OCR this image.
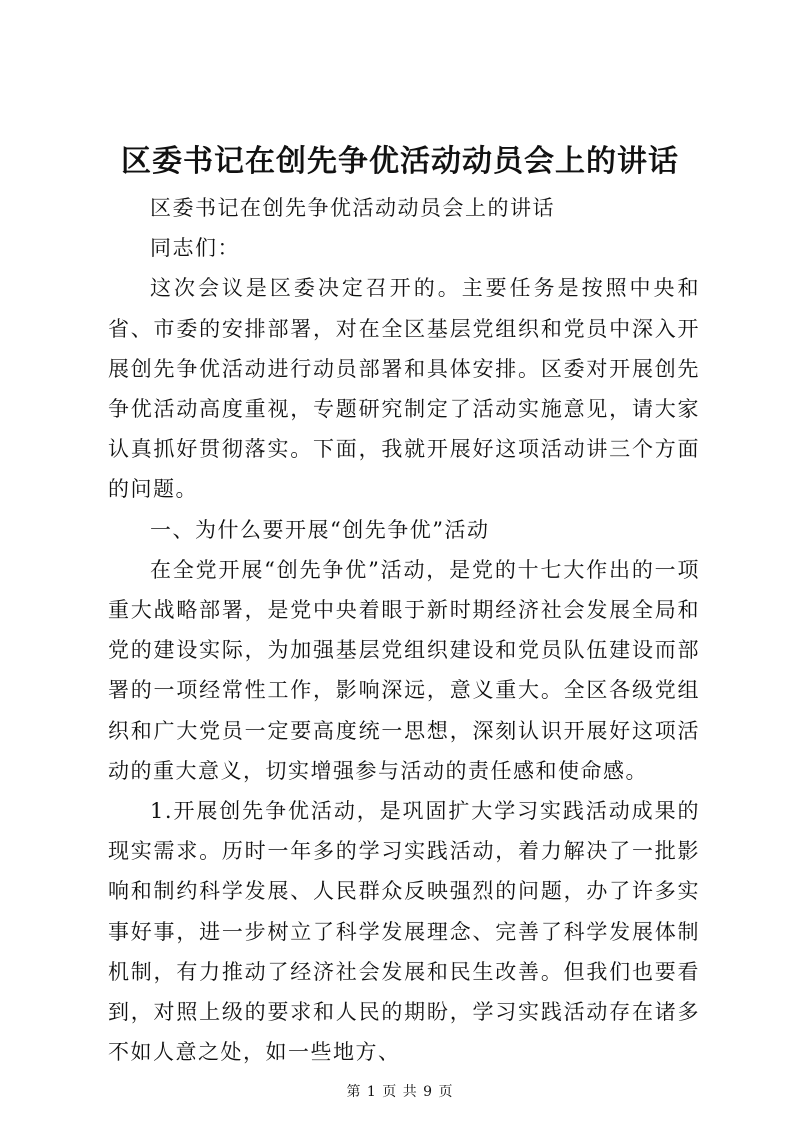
区委书记在创先争优活动动员会上的讲话

区委书记在创先争优活动动员会上的讲话

同志们：

这次会议是区委决定召开的。主要任务是按照中央和省、市委的安排部署，对在全区基层党组织和党员中深入开展创先争优活动进行动员部署和具体安排。区委对开展创先争优活动高度重视，专题研究制定了活动实施意见，请大家认真抓好贯彻落实。下面，我就开展好这项活动讲三个方面的问题。

一、为什么要开展“创先争优”活动

在全党开展“创先争优”活动，是党的十七大作出的一项重大战略部署，是党中央着眼于新时期经济社会发展全局和党的建设实际，为加强基层党组织建设和党员队伍建设而部署的一项经常性工作，影响深远，意义重大。全区各级党组织和广大党员一定要高度统一思想，深刻认识开展好这项活动的重大意义，切实增强参与活动的责任感和使命感。

1.开展创先争优活动，是巩固扩大学习实践活动成果的现实需求。历时一年多的学习实践活动，着力解决了一批影响和制约科学发展、人民群众反映强烈的问题，办了许多实事好事，进一步树立了科学发展理念、完善了科学发展体制机制，有力推动了经济社会发展和民生改善。但我们也要看到，对照上级的要求和人民的期盼，学习实践活动存在诸多不如人意之处，如一些地方、

第 1 页 共 9 页
